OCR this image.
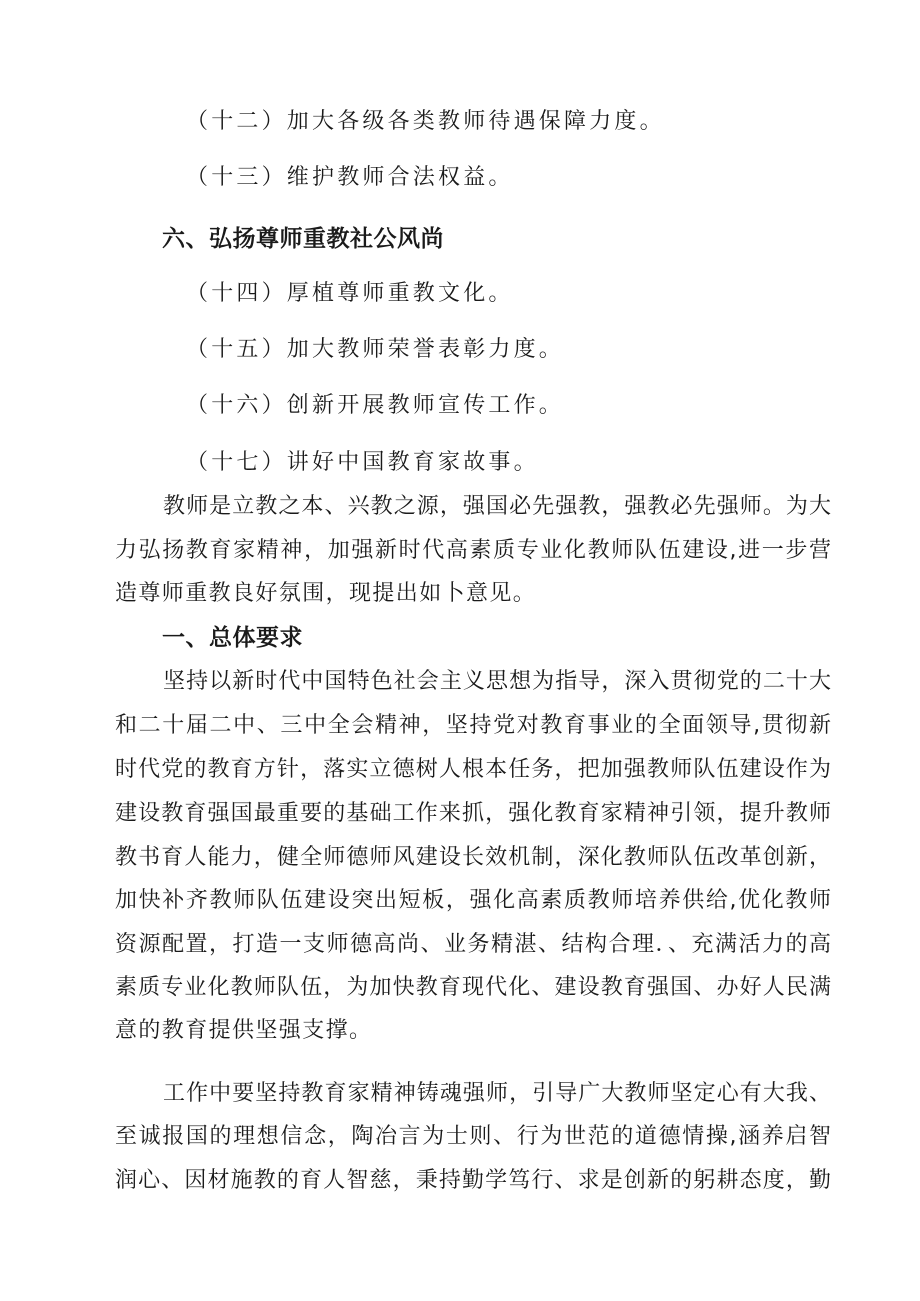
（十二）加大各级各类教师待遇保障力度。
（十三）维护教师合法权益。
六、弘扬尊师重教社公风尚
（十四）厚植尊师重教文化。
（十五）加大教师荣誉表彰力度。
（十六）创新开展教师宣传工作。
（十七）讲好中国教育家故事。
教师是立教之本、兴教之源，强国必先强教，强教必先强师。为大
力弘扬教育家精神，加强新时代高素质专业化教师队伍建设,进一步营
造尊师重教良好氛围，现提出如卜意见。
一、总体要求
坚持以新时代中国特色社会主义思想为指导，深入贯彻党的二十大
和二十届二中、三中全会精神，坚持党对教育事业的全面领导,贯彻新
时代党的教育方针，落实立德树人根本任务，把加强教师队伍建设作为
建设教育强国最重要的基础工作来抓，强化教育家精神引领，提升教师
教书育人能力，健全师德师风建设长效机制，深化教师队伍改革创新，
加快补齐教师队伍建设突出短板，强化高素质教师培养供给,优化教师
资源配置，打造一支师德高尚、业务精湛、结构合理．、充满活力的高
素质专业化教师队伍，为加快教育现代化、建设教育强国、办好人民满
意的教育提供坚强支撑。
工作中要坚持教育家精神铸魂强师，引导广大教师坚定心有大我、
至诚报国的理想信念，陶冶言为士则、行为世范的道德情操,涵养启智
润心、因材施教的育人智慈，秉持勤学笃行、求是创新的躬耕态度，勤
